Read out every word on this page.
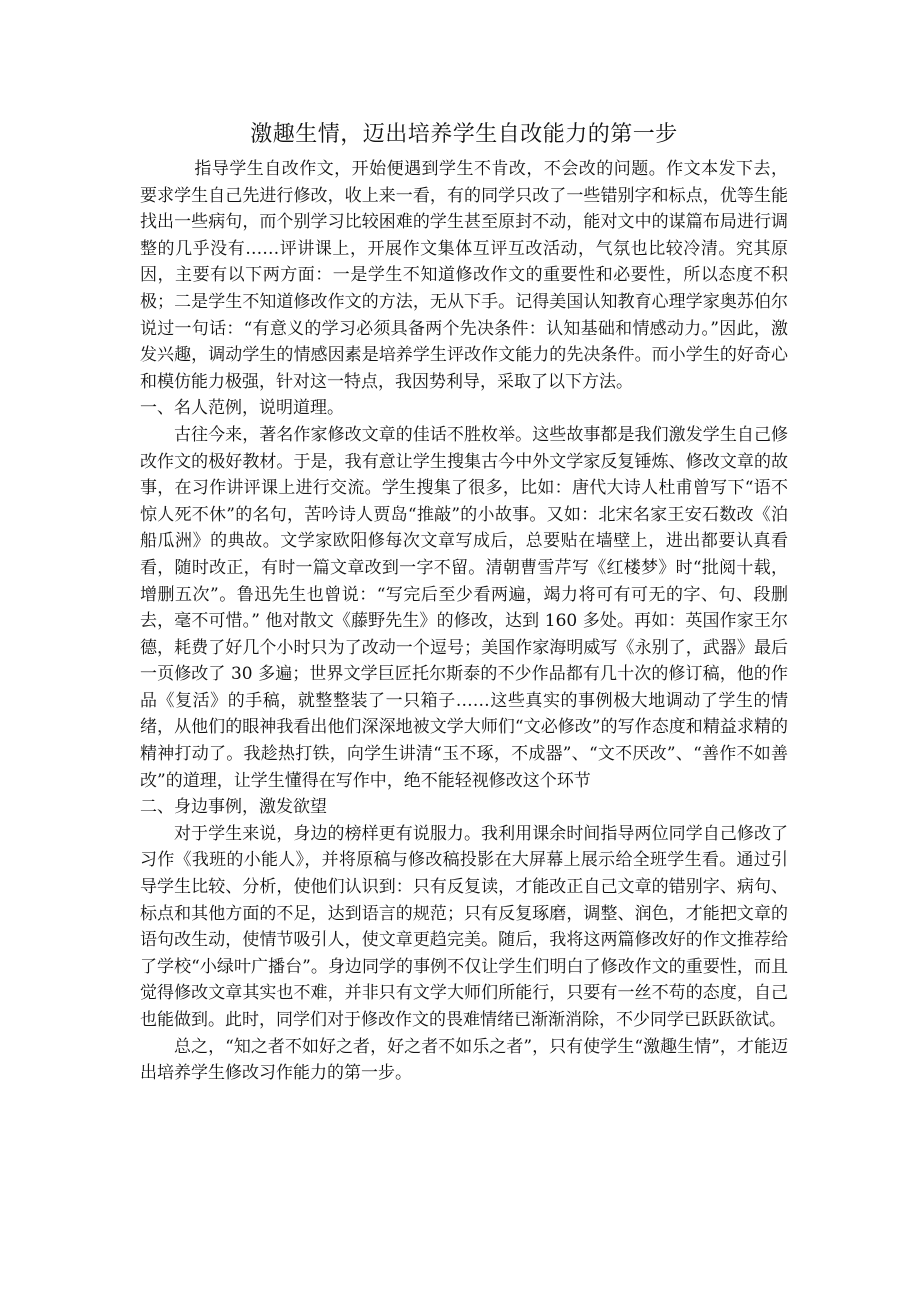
激趣生情，迈出培养学生自改能力的第一步

指导学生自改作文，开始便遇到学生不肯改，不会改的问题。作文本发下去，要求学生自己先进行修改，收上来一看，有的同学只改了一些错别字和标点，优等生能找出一些病句，而个别学习比较困难的学生甚至原封不动，能对文中的谋篇布局进行调整的几乎没有……评讲课上，开展作文集体互评互改活动，气氛也比较冷清。究其原因，主要有以下两方面：一是学生不知道修改作文的重要性和必要性，所以态度不积极；二是学生不知道修改作文的方法，无从下手。记得美国认知教育心理学家奥苏伯尔说过一句话：“有意义的学习必须具备两个先决条件：认知基础和情感动力。”因此，激发兴趣，调动学生的情感因素是培养学生评改作文能力的先决条件。而小学生的好奇心和模仿能力极强，针对这一特点，我因势利导，采取了以下方法。

一、名人范例，说明道理。

古往今来，著名作家修改文章的佳话不胜枚举。这些故事都是我们激发学生自己修改作文的极好教材。于是，我有意让学生搜集古今中外文学家反复锤炼、修改文章的故事，在习作讲评课上进行交流。学生搜集了很多，比如：唐代大诗人杜甫曾写下“语不惊人死不休”的名句，苦吟诗人贾岛“推敲”的小故事。又如：北宋名家王安石数改《泊船瓜洲》的典故。文学家欧阳修每次文章写成后，总要贴在墙壁上，进出都要认真看看，随时改正，有时一篇文章改到一字不留。清朝曹雪芹写《红楼梦》时“批阅十载，增删五次”。鲁迅先生也曾说：“写完后至少看两遍，竭力将可有可无的字、句、段删去，毫不可惜。” 他对散文《藤野先生》的修改，达到 160 多处。再如：英国作家王尔德，耗费了好几个小时只为了改动一个逗号；美国作家海明威写《永别了，武器》最后一页修改了 30 多遍；世界文学巨匠托尔斯泰的不少作品都有几十次的修订稿，他的作品《复活》的手稿，就整整装了一只箱子……这些真实的事例极大地调动了学生的情绪，从他们的眼神我看出他们深深地被文学大师们“文必修改”的写作态度和精益求精的精神打动了。我趁热打铁，向学生讲清“玉不琢，不成器”、“文不厌改”、“善作不如善改”的道理，让学生懂得在写作中，绝不能轻视修改这个环节

二、身边事例，激发欲望

对于学生来说，身边的榜样更有说服力。我利用课余时间指导两位同学自己修改了习作《我班的小能人》，并将原稿与修改稿投影在大屏幕上展示给全班学生看。通过引导学生比较、分析，使他们认识到：只有反复读，才能改正自己文章的错别字、病句、标点和其他方面的不足，达到语言的规范；只有反复琢磨，调整、润色，才能把文章的语句改生动，使情节吸引人，使文章更趋完美。随后，我将这两篇修改好的作文推荐给了学校“小绿叶广播台”。身边同学的事例不仅让学生们明白了修改作文的重要性，而且觉得修改文章其实也不难，并非只有文学大师们所能行，只要有一丝不苟的态度，自己也能做到。此时，同学们对于修改作文的畏难情绪已渐渐消除，不少同学已跃跃欲试。

总之，“知之者不如好之者，好之者不如乐之者”，只有使学生“激趣生情”，才能迈出培养学生修改习作能力的第一步。
